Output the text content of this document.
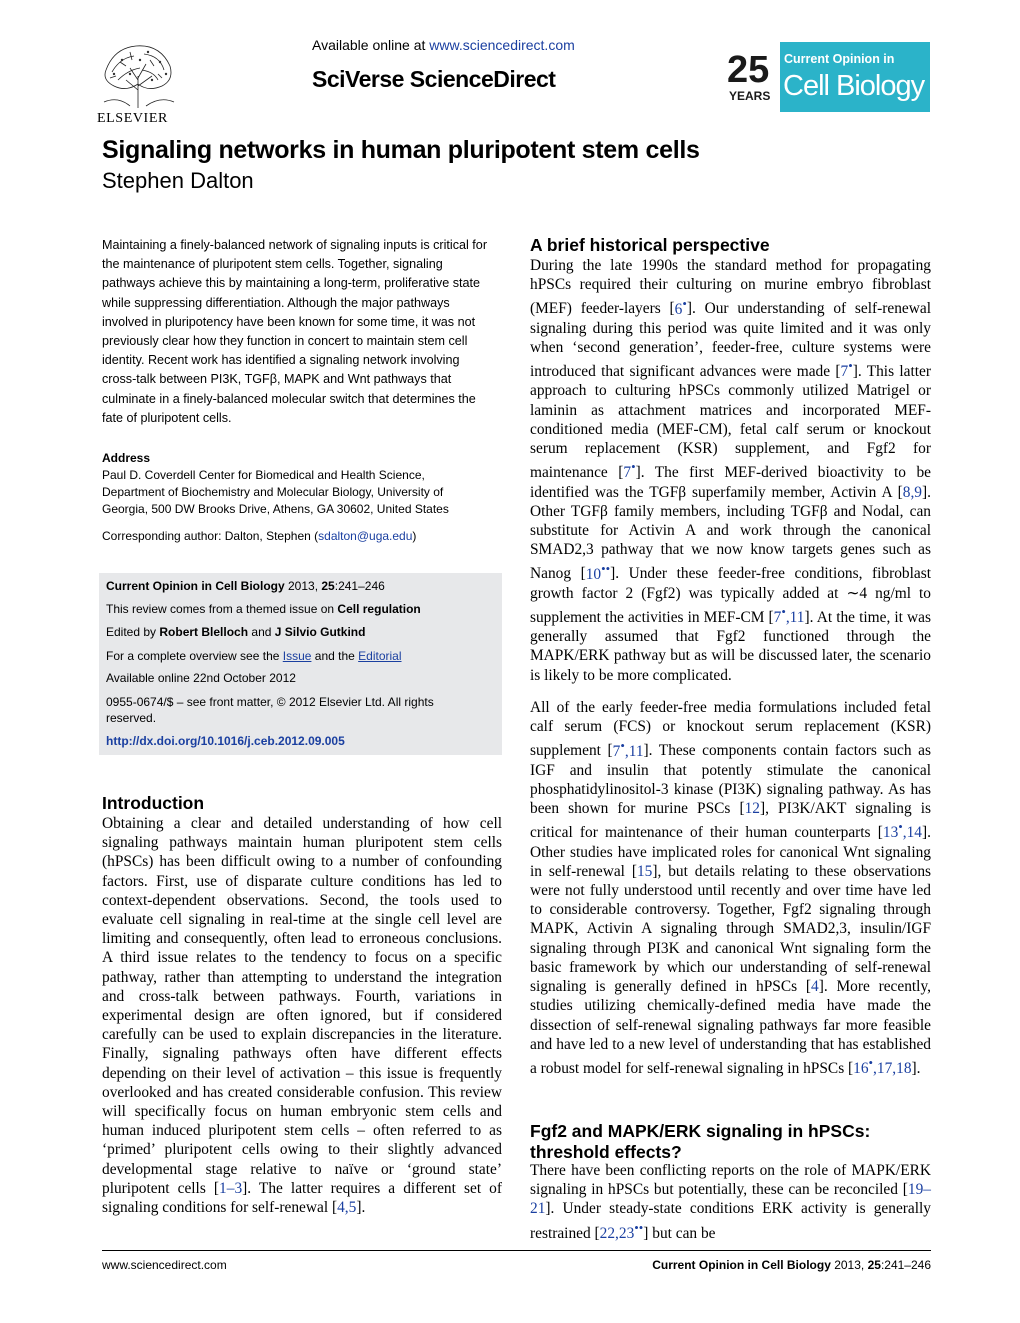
ELSEVIER
Available online at www.sciencedirect.com
SciVerse ScienceDirect	25
YEARS
Current Opinion in
Cell Biology
Signaling networks in human pluripotent stem cells
Stephen Dalton
Maintaining a finely-balanced network of signaling inputs is critical for the maintenance of pluripotent stem cells. Together, signaling pathways achieve this by maintaining a long-term, proliferative state while suppressing differentiation. Although the major pathways involved in pluripotency have been known for some time, it was not previously clear how they function in concert to maintain stem cell identity. Recent work has identified a signaling network involving cross-talk between PI3K, TGFβ, MAPK and Wnt pathways that culminate in a finely-balanced molecular switch that determines the fate of pluripotent cells.
Address
Paul D. Coverdell Center for Biomedical and Health Science,
Department of Biochemistry and Molecular Biology, University of
Georgia, 500 DW Brooks Drive, Athens, GA 30602, United States
Corresponding author: Dalton, Stephen (sdalton@uga.edu)
Current Opinion in Cell Biology 2013, 25:241–246
This review comes from a themed issue on Cell regulation
Edited by Robert Blelloch and J Silvio Gutkind
For a complete overview see the Issue and the Editorial
Available online 22nd October 2012
0955-0674/$ – see front matter, © 2012 Elsevier Ltd. All rights
reserved.
http://dx.doi.org/10.1016/j.ceb.2012.09.005
Introduction
Obtaining a clear and detailed understanding of how cell signaling pathways maintain human pluripotent stem cells (hPSCs) has been difficult owing to a number of confounding factors. First, use of disparate culture conditions has led to context-dependent observations. Second, the tools used to evaluate cell signaling in real-time at the single cell level are limiting and consequently, often lead to erroneous conclusions. A third issue relates to the tendency to focus on a specific pathway, rather than attempting to understand the integration and cross-talk between pathways. Fourth, variations in experimental design are often ignored, but if considered carefully can be used to explain discrepancies in the literature. Finally, signaling pathways often have different effects depending on their level of activation – this issue is frequently overlooked and has created considerable confusion. This review will specifically focus on human embryonic stem cells and human induced pluripotent stem cells – often referred to as ‘primed’ pluripotent cells owing to their slightly advanced developmental stage relative to naïve or ‘ground state’ pluripotent cells [1–3]. The latter requires a different set of signaling conditions for self-renewal [4,5].
A brief historical perspective
During the late 1990s the standard method for propagating hPSCs required their culturing on murine embryo fibroblast (MEF) feeder-layers [6•]. Our understanding of self-renewal signaling during this period was quite limited and it was only when ‘second generation’, feeder-free, culture systems were introduced that significant advances were made [7•]. This latter approach to culturing hPSCs commonly utilized Matrigel or laminin as attachment matrices and incorporated MEF-conditioned media (MEF-CM), fetal calf serum or knockout serum replacement (KSR) supplement, and Fgf2 for maintenance [7•]. The first MEF-derived bioactivity to be identified was the TGFβ superfamily member, Activin A [8,9]. Other TGFβ family members, including TGFβ and Nodal, can substitute for Activin A and work through the canonical SMAD2,3 pathway that we now know targets genes such as Nanog [10••]. Under these feeder-free conditions, fibroblast growth factor 2 (Fgf2) was typically added at ∼4 ng/ml to supplement the activities in MEF-CM [7•,11]. At the time, it was generally assumed that Fgf2 functioned through the MAPK/ERK pathway but as will be discussed later, the scenario is likely to be more complicated.
All of the early feeder-free media formulations included fetal calf serum (FCS) or knockout serum replacement (KSR) supplement [7•,11]. These components contain factors such as IGF and insulin that potently stimulate the canonical phosphatidylinositol-3 kinase (PI3K) signaling pathway. As has been shown for murine PSCs [12], PI3K/AKT signaling is critical for maintenance of their human counterparts [13•,14]. Other studies have implicated roles for canonical Wnt signaling in self-renewal [15], but details relating to these observations were not fully understood until recently and over time have led to considerable controversy. Together, Fgf2 signaling through MAPK, Activin A signaling through SMAD2,3, insulin/IGF signaling through PI3K and canonical Wnt signaling form the basic framework by which our understanding of self-renewal signaling is generally defined in hPSCs [4]. More recently, studies utilizing chemically-defined media have made the dissection of self-renewal signaling pathways far more feasible and have led to a new level of understanding that has established a robust model for self-renewal signaling in hPSCs [16•,17,18].
Fgf2 and MAPK/ERK signaling in hPSCs:
threshold effects?
There have been conflicting reports on the role of MAPK/ERK signaling in hPSCs but potentially, these can be reconciled [19–21]. Under steady-state conditions ERK activity is generally restrained [22,23••] but can be
www.sciencedirect.com	Current Opinion in Cell Biology 2013, 25:241–246
